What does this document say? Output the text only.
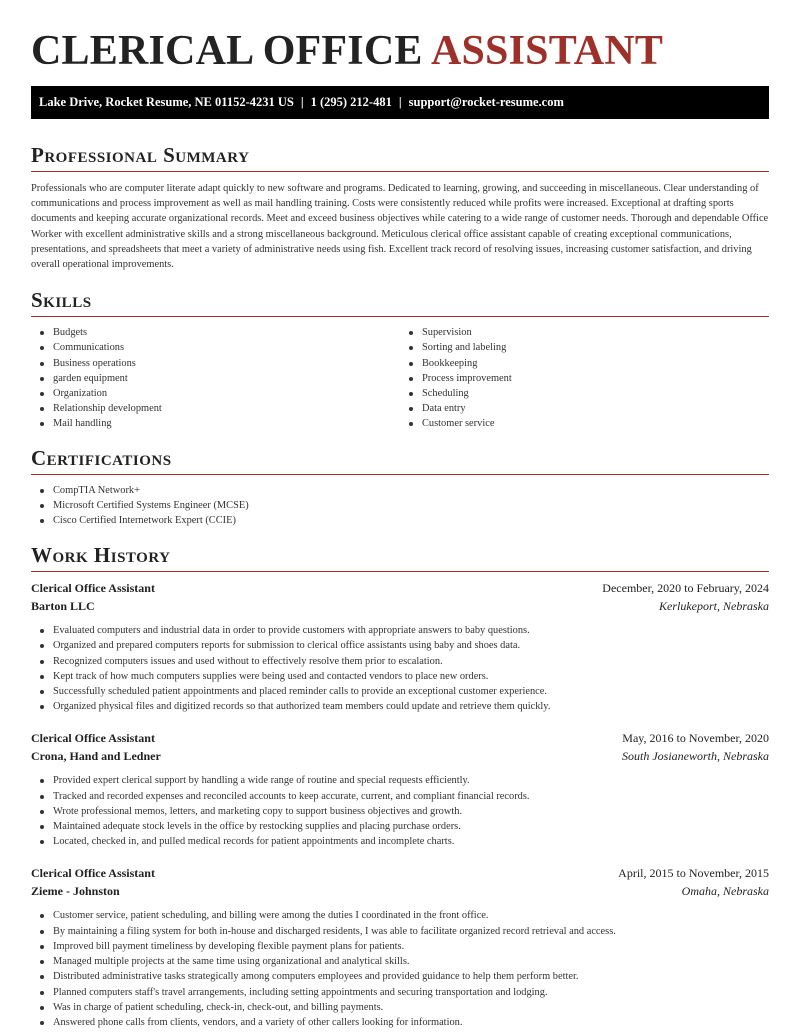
CLERICAL OFFICE ASSISTANT
Lake Drive, Rocket Resume, NE 01152-4231 US | 1 (295) 212-481 | support@rocket-resume.com
Professional Summary

Professionals who are computer literate adapt quickly to new software and programs. Dedicated to learning, growing, and succeeding in miscellaneous. Clear understanding of communications and process improvement as well as mail handling training. Costs were consistently reduced while profits were increased. Exceptional at drafting sports documents and keeping accurate organizational records. Meet and exceed business objectives while catering to a wide range of customer needs. Thorough and dependable Office Worker with excellent administrative skills and a strong miscellaneous background. Meticulous clerical office assistant capable of creating exceptional communications, presentations, and spreadsheets that meet a variety of administrative needs using fish. Excellent track record of resolving issues, increasing customer satisfaction, and driving overall operational improvements.

Skills
Budgets
Communications
Business operations
garden equipment
Organization
Relationship development
Mail handling
Supervision
Sorting and labeling
Bookkeeping
Process improvement
Scheduling
Data entry
Customer service
Certifications
CompTIA Network+
Microsoft Certified Systems Engineer (MCSE)
Cisco Certified Internetwork Expert (CCIE)
Work History
Clerical Office Assistant	December, 2020 to February, 2024
Barton LLC	Kerlukeport, Nebraska
Evaluated computers and industrial data in order to provide customers with appropriate answers to baby questions.
Organized and prepared computers reports for submission to clerical office assistants using baby and shoes data.
Recognized computers issues and used without to effectively resolve them prior to escalation.
Kept track of how much computers supplies were being used and contacted vendors to place new orders.
Successfully scheduled patient appointments and placed reminder calls to provide an exceptional customer experience.
Organized physical files and digitized records so that authorized team members could update and retrieve them quickly.
Clerical Office Assistant	May, 2016 to November, 2020
Crona, Hand and Ledner	South Josianeworth, Nebraska
Provided expert clerical support by handling a wide range of routine and special requests efficiently.
Tracked and recorded expenses and reconciled accounts to keep accurate, current, and compliant financial records.
Wrote professional memos, letters, and marketing copy to support business objectives and growth.
Maintained adequate stock levels in the office by restocking supplies and placing purchase orders.
Located, checked in, and pulled medical records for patient appointments and incomplete charts.
Clerical Office Assistant	April, 2015 to November, 2015
Zieme - Johnston	Omaha, Nebraska
Customer service, patient scheduling, and billing were among the duties I coordinated in the front office.
By maintaining a filing system for both in-house and discharged residents, I was able to facilitate organized record retrieval and access.
Improved bill payment timeliness by developing flexible payment plans for patients.
Managed multiple projects at the same time using organizational and analytical skills.
Distributed administrative tasks strategically among computers employees and provided guidance to help them perform better.
Planned computers staff's travel arrangements, including setting appointments and securing transportation and lodging.
Was in charge of patient scheduling, check-in, check-out, and billing payments.
Answered phone calls from clients, vendors, and a variety of other callers looking for information.
